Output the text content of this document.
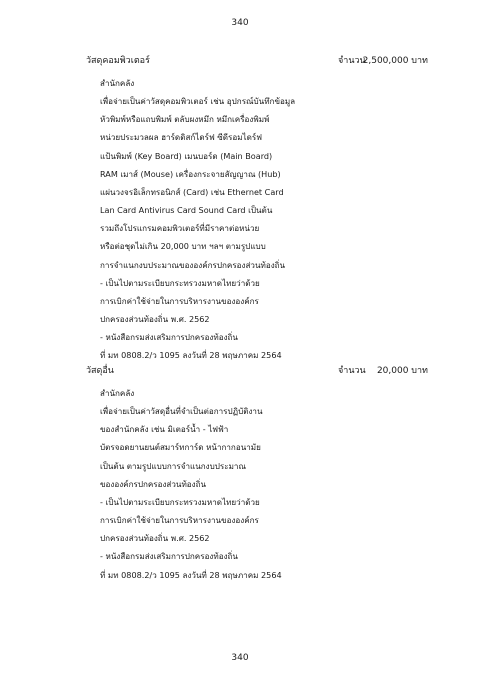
340
วัสดุคอมพิวเตอร์	จำนวน
2,500,000 บาท
สำนักคลัง
เพื่อจ่ายเป็นค่าวัสดุคอมพิวเตอร์ เช่น อุปกรณ์บันทึกข้อมูล
หัวพิมพ์หรือแถบพิมพ์ ตลับผงหมึก หมึกเครื่องพิมพ์
หน่วยประมวลผล ฮาร์ดดิสก์ไดร์ฟ ซีดีรอมไดร์ฟ
แป้นพิมพ์ (Key Board) เมนบอร์ด (Main Board)
RAM เมาส์ (Mouse) เครื่องกระจายสัญญาณ (Hub)
แผ่นวงจรอิเล็กทรอนิกส์ (Card) เช่น Ethernet Card
Lan Card Antivirus Card Sound Card เป็นต้น
รวมถึงโปรแกรมคอมพิวเตอร์ที่มีราคาต่อหน่วย
หรือต่อชุดไม่เกิน 20,000 บาท ฯลฯ ตามรูปแบบ
การจำแนกงบประมาณขององค์กรปกครองส่วนท้องถิ่น
- เป็นไปตามระเบียบกระทรวงมหาดไทยว่าด้วย
การเบิกค่าใช้จ่ายในการบริหารงานขององค์กร
ปกครองส่วนท้องถิ่น พ.ศ. 2562
- หนังสือกรมส่งเสริมการปกครองท้องถิ่น
ที่ มท 0808.2/ว 1095 ลงวันที่ 28 พฤษภาคม 2564
วัสดุอื่น	จำนวน 20,000 บาท
สำนักคลัง
เพื่อจ่ายเป็นค่าวัสดุอื่นที่จำเป็นต่อการปฏิบัติงาน
ของสำนักคลัง เช่น มิเตอร์น้ำ - ไฟฟ้า
บัตรจอดยานยนต์สมาร์ทการ์ด หน้ากากอนามัย
เป็นต้น ตามรูปแบบการจำแนกงบประมาณ
ขององค์กรปกครองส่วนท้องถิ่น
- เป็นไปตามระเบียบกระทรวงมหาดไทยว่าด้วย
การเบิกค่าใช้จ่ายในการบริหารงานขององค์กร
ปกครองส่วนท้องถิ่น พ.ศ. 2562
- หนังสือกรมส่งเสริมการปกครองท้องถิ่น
ที่ มท 0808.2/ว 1095 ลงวันที่ 28 พฤษภาคม 2564
340
